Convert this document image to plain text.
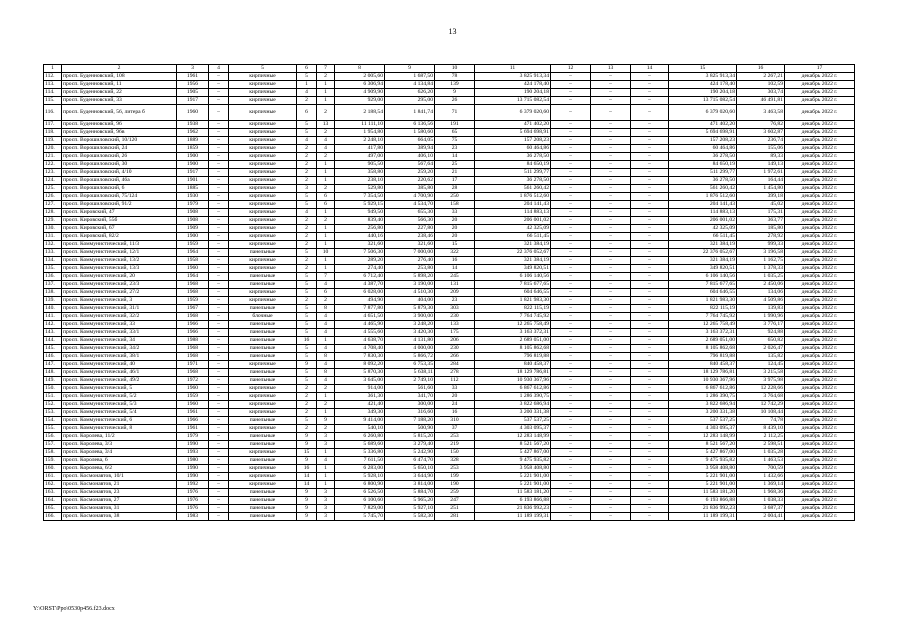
13
1	2	3	4	5	6	7	8	9	10	11	12	13	14	15	16	17
112.	просп. Буденновский, 108	1961	–	кирпичные	5	2	2 005,60	1 687,50	78	3 825 913,34	–	–	–	3 825 913,34	2 267,21	декабрь 2022 г.
113.	просп. Буденновский, 11	1956	–	кирпичные	1	1	6 306,94	4 134,84	139	424 178,40	–	–	–	424 178,40	102,59	декабрь 2022 г.
114.	просп. Буденновский, 22	1905	–	кирпичные	4	1	4 909,90	626,20	9	190 204,18	–	–	–	190 204,18	303,74	декабрь 2022 г.
115.	просп. Буденновский, 33	1917	–	кирпичные	2	1	929,00	295,00	26	13 715 082,54	–	–	–	13 715 082,54	46 491,81	декабрь 2022 г.
116.	просп. Буденновский, 56, литера б	1960	–	кирпичные	6	2	2 188,54	1 841,74	71	6 379 020,60	–	–	–	6 379 020,60	3 463,58	декабрь 2022 г.
117.	просп. Буденновский, 96	1938	–	кирпичные	5	13	11 111,10	6 136,56	191	471 402,20	–	–	–	471 402,20	76,82	декабрь 2022 г.
118.	просп. Буденновский, 96в	1962	–	кирпичные	5	2	1 954,80	1 580,60	65	5 694 698,91	–	–	–	5 694 698,91	3 602,87	декабрь 2022 г.
119.	просп. Ворошиловский, 10/120	1889	–	кирпичные	4	4	2 248,10	664,05	75	157 208,23	–	–	–	157 208,23	236,74	декабрь 2022 г.
120.	просп. Ворошиловский, 24	1859	–	кирпичные	2	4	417,80	389,94	23	60 464,86	–	–	–	60 464,86	155,06	декабрь 2022 г.
121.	просп. Ворошиловский, 26	1900	–	кирпичные	2	2	497,00	406,10	14	36 278,50	–	–	–	36 278,50	89,33	декабрь 2022 г.
122.	просп. Ворошиловский, 30	1900	–	кирпичные	2	1	905,50	567,64	25	84 650,19	–	–	–	84 650,19	149,13	декабрь 2022 г.
123.	просп. Ворошиловский, 4/10	1917	–	кирпичные	2	1	358,80	259,20	21	511 299,77	–	–	–	511 299,77	1 972,61	декабрь 2022 г.
124.	просп. Ворошиловский, 46а	1901	–	кирпичные	2	1	238,10	220,62	17	36 278,50	–	–	–	36 278,50	164,44	декабрь 2022 г.
125.	просп. Ворошиловский, 6	1885	–	кирпичные	3	2	529,80	385,80	28	561 260,42	–	–	–	561 260,42	1 454,80	декабрь 2022 г.
126.	просп. Ворошиловский, 75/124	1930	–	кирпичные	5	6	7 354,50	4 700,90	250	1 876 512,60	–	–	–	1 876 512,60	399,18	декабрь 2022 г.
127.	просп. Ворошиловский, 91/2	1979	–	кирпичные	5	6	5 929,15	4 534,70	158	204 141,43	–	–	–	204 141,43	45,02	декабрь 2022 г.
128.	просп. Кировский, 47	1908	–	кирпичные	4	1	949,50	655,30	33	114 883,13	–	–	–	114 883,13	175,31	декабрь 2022 г.
129.	просп. Кировский, 55б	1908	–	кирпичные	2	2	839,40	566,30	20	206 001,02	–	–	–	206 001,02	363,77	декабрь 2022 г.
130.	просп. Кировский, 67	1909	–	кирпичные	2	1	256,80	227,80	20	42 325,09	–	–	–	42 325,09	185,80	декабрь 2022 г.
131.	просп. Кировский, 82/2	1900	–	кирпичные	2	1	440,16	238,46	20	66 511,45	–	–	–	66 511,45	278,92	декабрь 2022 г.
132.	просп. Коммунистический, 11/3	1959	–	кирпичные	2	1	321,60	321,60	15	321 384,19	–	–	–	321 384,19	999,33	декабрь 2022 г.
133.	просп. Коммунистический, 12/1	1964	–	панельные	5	10	7 506,30	7 000,00	322	22 376 052,67	–	–	–	22 376 052,67	3 196,58	декабрь 2022 г.
134.	просп. Коммунистический, 13/2	1958	–	кирпичные	2	1	289,20	276,40	16	321 384,19	–	–	–	321 384,19	1 162,75	декабрь 2022 г.
135.	просп. Коммунистический, 13/3	1960	–	кирпичные	2	1	274,40	253,80	14	349 820,51	–	–	–	349 820,51	1 378,33	декабрь 2022 г.
136.	просп. Коммунистический, 20	1964	–	панельные	5	7	6 712,40	5 898,20	245	6 106 140,56	–	–	–	6 106 140,56	1 035,25	декабрь 2022 г.
137.	просп. Коммунистический, 23/3	1968	–	панельные	5	4	4 387,70	3 190,00	131	7 815 677,65	–	–	–	7 815 677,65	2 450,06	декабрь 2022 г.
138.	просп. Коммунистический, 27/2	1968	–	кирпичные	5	6	6 028,00	4 510,30	209	604 646,55	–	–	–	604 646,55	134,06	декабрь 2022 г.
139.	просп. Коммунистический, 3	1959	–	кирпичные	2	2	494,90	404,00	23	1 821 983,30	–	–	–	1 821 983,30	4 509,86	декабрь 2022 г.
140.	просп. Коммунистический, 31/1	1967	–	панельные	5	8	7 877,80	5 879,30	303	822 115,19	–	–	–	822 115,19	139,83	декабрь 2022 г.
141.	просп. Коммунистический, 32/2	1968	–	блочные	5	4	4 651,50	3 900,00	230	7 764 745,92	–	–	–	7 764 745,92	1 990,96	декабрь 2022 г.
142.	просп. Коммунистический, 33	1966	–	панельные	5	4	4 465,90	3 248,20	133	12 265 758,49	–	–	–	12 265 758,49	3 776,17	декабрь 2022 г.
143.	просп. Коммунистический, 33/1	1966	–	панельные	5	4	4 555,60	3 420,30	175	3 163 372,31	–	–	–	3 163 372,31	924,88	декабрь 2022 г.
144.	просп. Коммунистический, 34	1988	–	панельные	16	1	4 638,70	4 131,80	206	2 689 051,00	–	–	–	2 689 051,00	650,82	декабрь 2022 г.
145.	просп. Коммунистический, 34/2	1968	–	панельные	5	4	4 708,40	4 000,00	230	8 105 862,68	–	–	–	8 105 862,68	2 026,47	декабрь 2022 г.
146.	просп. Коммунистический, 38/1	1968	–	панельные	5	8	7 830,30	5 866,72	266	796 819,88	–	–	–	796 819,88	135,82	декабрь 2022 г.
147.	просп. Коммунистический, 40	1971	–	кирпичные	9	4	8 092,20	6 753,35	284	840 458,37	–	–	–	840 458,37	124,45	декабрь 2022 г.
148.	просп. Коммунистический, 46/1	1968	–	панельные	5	8	5 870,30	5 638,11	278	18 129 786,81	–	–	–	18 129 786,81	3 215,58	декабрь 2022 г.
149.	просп. Коммунистический, 49/2	1972	–	панельные	5	4	3 645,00	2 749,10	112	10 930 367,96	–	–	–	10 930 367,96	3 975,98	декабрь 2022 г.
150.	просп. Коммунистический, 5	1960	–	кирпичные	2	2	914,00	561,60	33	6 867 612,86	–	–	–	6 867 612,86	12 228,66	декабрь 2022 г.
151.	просп. Коммунистический, 5/2	1959	–	кирпичные	2	1	361,30	341,70	20	1 286 390,75	–	–	–	1 286 390,75	3 764,68	декабрь 2022 г.
152.	просп. Коммунистический, 5/3	1960	–	кирпичные	2	2	421,40	300,00	24	3 822 686,94	–	–	–	3 822 686,94	12 742,29	декабрь 2022 г.
153.	просп. Коммунистический, 5/4	1961	–	кирпичные	2	1	349,30	316,60	16	3 200 331,38	–	–	–	3 200 331,38	10 108,44	декабрь 2022 г.
154.	просп. Коммунистический, 6	1966	–	панельные	5	9	9 414,00	7 188,20	310	537 537,25	–	–	–	537 537,25	74,78	декабрь 2022 г.
155.	просп. Коммунистический, 8	1961	–	кирпичные	2	2	540,10	500,90	37	4 303 095,37	–	–	–	4 303 095,37	8 439,10	декабрь 2022 г.
156.	просп. Королева, 11/2	1979	–	панельные	9	3	6 260,80	5 815,20	253	12 283 148,99	–	–	–	12 283 148,99	2 112,25	декабрь 2022 г.
157.	просп. Королева, 3/3	1990	–	панельные	9	3	5 689,60	3 279,40	219	8 521 567,20	–	–	–	8 521 567,20	2 598,51	декабрь 2022 г.
158.	просп. Королева, 3/4	1993	–	кирпичные	15	1	5 336,80	5 242,90	150	5 427 867,00	–	–	–	5 427 867,00	1 035,28	декабрь 2022 г.
159.	просп. Королева, 6	1980	–	панельные	9	4	7 611,50	6 474,70	328	9 475 935,82	–	–	–	9 475 935,82	1 463,53	декабрь 2022 г.
160.	просп. Королева, 6/2	1990	–	кирпичные	16	1	6 283,00	5 650,10	253	3 958 408,80	–	–	–	3 958 408,80	700,59	декабрь 2022 г.
161.	просп. Космонавтов, 10/1	1990	–	кирпичные	14	1	5 928,10	3 644,90	199	5 221 901,00	–	–	–	5 221 901,00	1 432,66	декабрь 2022 г.
162.	просп. Космонавтов, 21	1992	–	кирпичные	14	1	6 800,90	3 814,00	190	5 221 901,00	–	–	–	5 221 901,00	1 369,14	декабрь 2022 г.
163.	просп. Космонавтов, 23	1976	–	панельные	9	3	6 526,50	5 884,70	259	11 583 181,20	–	–	–	11 583 181,20	1 968,36	декабрь 2022 г.
164.	просп. Космонавтов, 27	1976	–	панельные	9	3	6 100,60	5 965,20	247	6 193 866,88	–	–	–	6 193 866,88	1 038,33	декабрь 2022 г.
165.	просп. Космонавтов, 31	1976	–	панельные	9	3	7 829,00	5 927,10	251	21 836 992,23	–	–	–	21 836 992,23	3 687,37	декабрь 2022 г.
166.	просп. Космонавтов, 38	1983	–	панельные	9	3	5 745,70	5 582,30	281	11 189 199,31	–	–	–	11 189 199,31	2 004,41	декабрь 2022 г.
Y:\ORST\Ppo\0530p456.f23.docx
